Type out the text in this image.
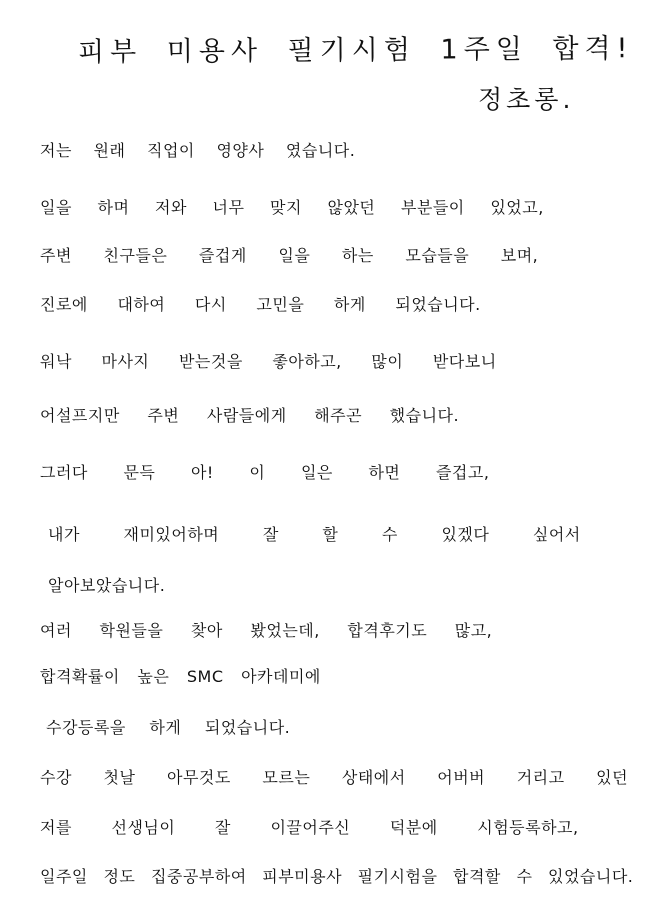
피부 미용사 필기시험 1주일 합격!
정초롱.
저는 원래 직업이 영양사 였습니다.
일을 하며 저와 너무 맞지 않았던 부분들이 있었고,
주변 친구들은 즐겁게 일을 하는 모습들을 보며,
진로에 대하여 다시 고민을 하게 되었습니다.
워낙 마사지 받는것을 좋아하고, 많이 받다보니
어설프지만 주변 사람들에게 해주곤 했습니다.
그러다 문득 아! 이 일은 하면 즐겁고,
내가 재미있어하며 잘 할 수 있겠다 싶어서
알아보았습니다.
여러 학원들을 찾아 봤었는데, 합격후기도 많고,
합격확률이 높은 SMC 아카데미에
수강등록을 하게 되었습니다.
수강 첫날 아무것도 모르는 상태에서 어버버 거리고 있던
저를 선생님이 잘 이끌어주신 덕분에 시험등록하고,
일주일 정도 집중공부하여 피부미용사 필기시험을 합격할 수 있었습니다.
